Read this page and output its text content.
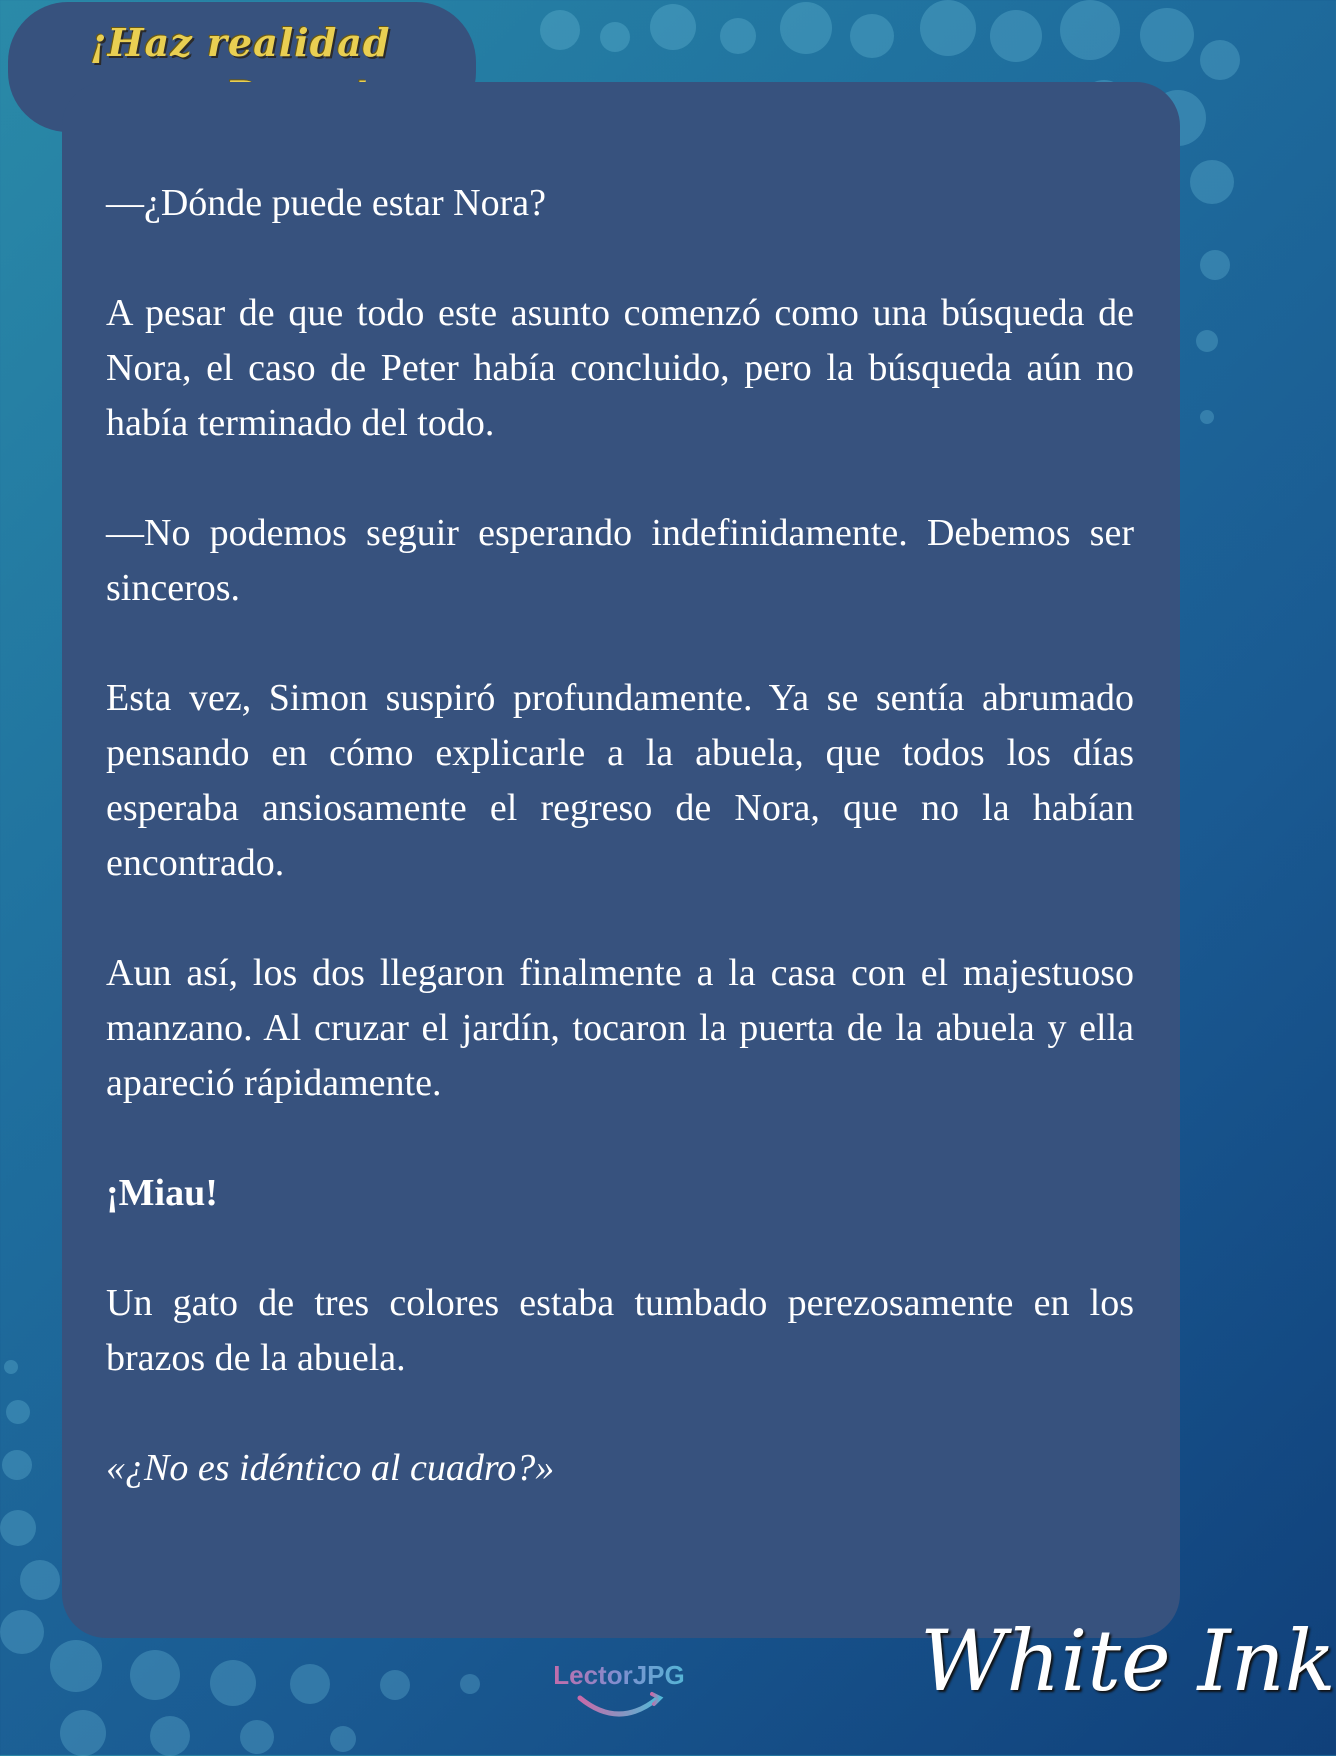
¡Haz realidad

—¿Dónde puede estar Nora?

A pesar de que todo este asunto comenzó como una búsqueda de Nora, el caso de Peter había concluido, pero la búsqueda aún no había terminado del todo.

—No podemos seguir esperando indefinidamente. Debemos ser sinceros.

Esta vez, Simon suspiró profundamente. Ya se sentía abrumado pensando en cómo explicarle a la abuela, que todos los días esperaba ansiosamente el regreso de Nora, que no la habían encontrado.

Aun así, los dos llegaron finalmente a la casa con el majestuoso manzano. Al cruzar el jardín, tocaron la puerta de la abuela y ella apareció rápidamente.

¡Miau!

Un gato de tres colores estaba tumbado perezosamente en los brazos de la abuela.

«¿No es idéntico al cuadro?»

LectorJPG	White Ink
